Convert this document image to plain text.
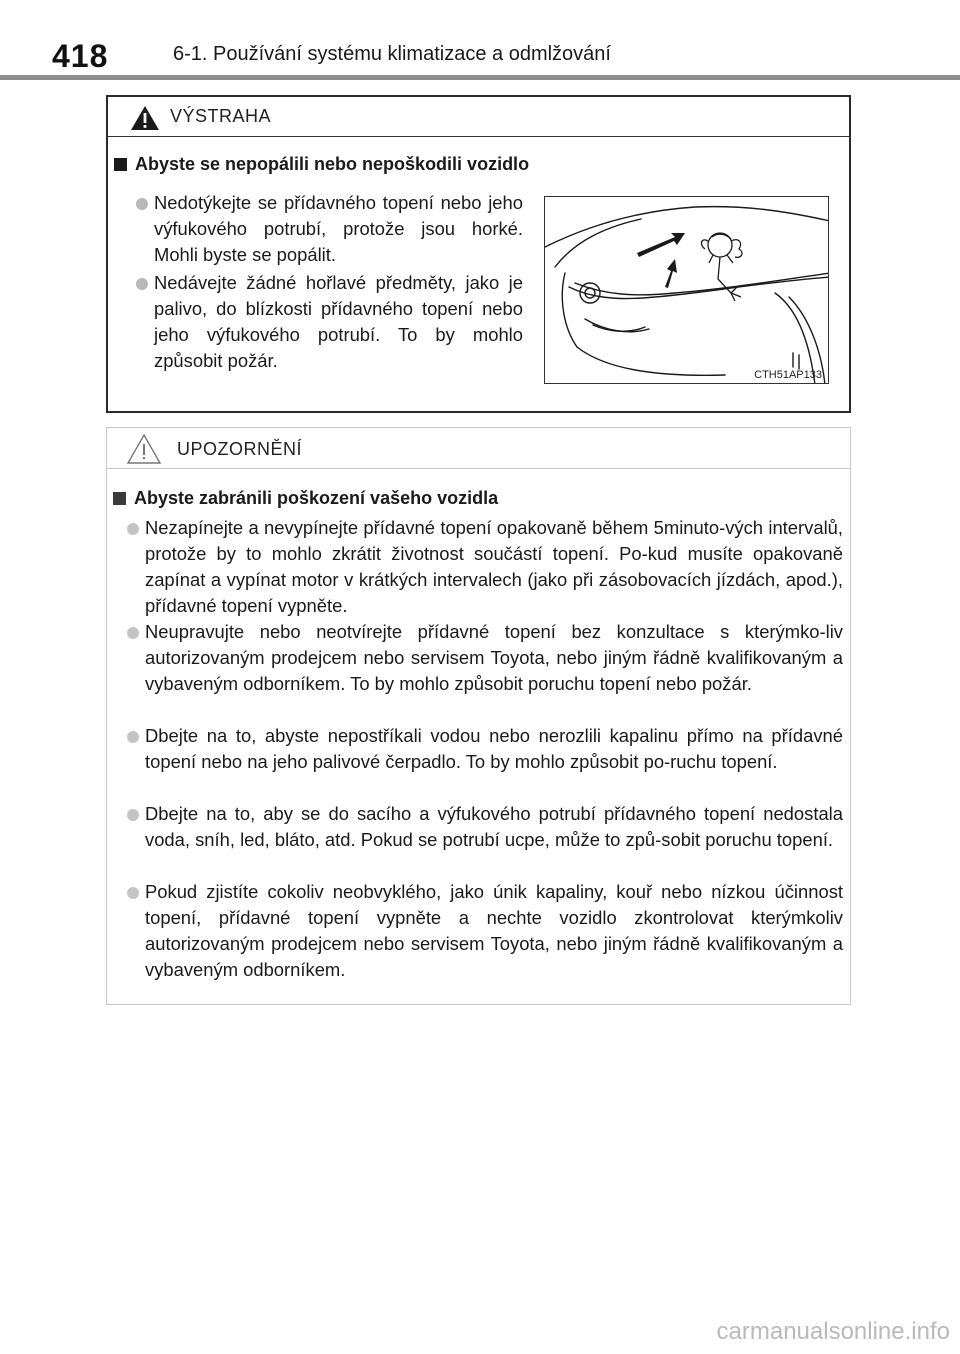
418	6-1. Používání systému klimatizace a odmlžování
VÝSTRAHA
Abyste se nepopálili nebo nepoškodili vozidlo
Nedotýkejte se přídavného topení nebo jeho výfukového potrubí, protože jsou horké. Mohli byste se popálit.
Nedávejte žádné hořlavé předměty, jako je palivo, do blízkosti přídavného topení nebo jeho výfukového potrubí. To by mohlo způsobit požár.
CTH51AP133
UPOZORNĚNÍ
Abyste zabránili poškození vašeho vozidla
Nezapínejte a nevypínejte přídavné topení opakovaně během 5minuto-vých intervalů, protože by to mohlo zkrátit životnost součástí topení. Po-kud musíte opakovaně zapínat a vypínat motor v krátkých intervalech (jako při zásobovacích jízdách, apod.), přídavné topení vypněte.
Neupravujte nebo neotvírejte přídavné topení bez konzultace s kterýmko-liv autorizovaným prodejcem nebo servisem Toyota, nebo jiným řádně kvalifikovaným a vybaveným odborníkem. To by mohlo způsobit poruchu topení nebo požár.
Dbejte na to, abyste nepostříkali vodou nebo nerozlili kapalinu přímo na přídavné topení nebo na jeho palivové čerpadlo. To by mohlo způsobit po-ruchu topení.
Dbejte na to, aby se do sacího a výfukového potrubí přídavného topení nedostala voda, sníh, led, bláto, atd. Pokud se potrubí ucpe, může to způ-sobit poruchu topení.
Pokud zjistíte cokoliv neobvyklého, jako únik kapaliny, kouř nebo nízkou účinnost topení, přídavné topení vypněte a nechte vozidlo zkontrolovat kterýmkoliv autorizovaným prodejcem nebo servisem Toyota, nebo jiným řádně kvalifikovaným a vybaveným odborníkem.
carmanualsonline.info
